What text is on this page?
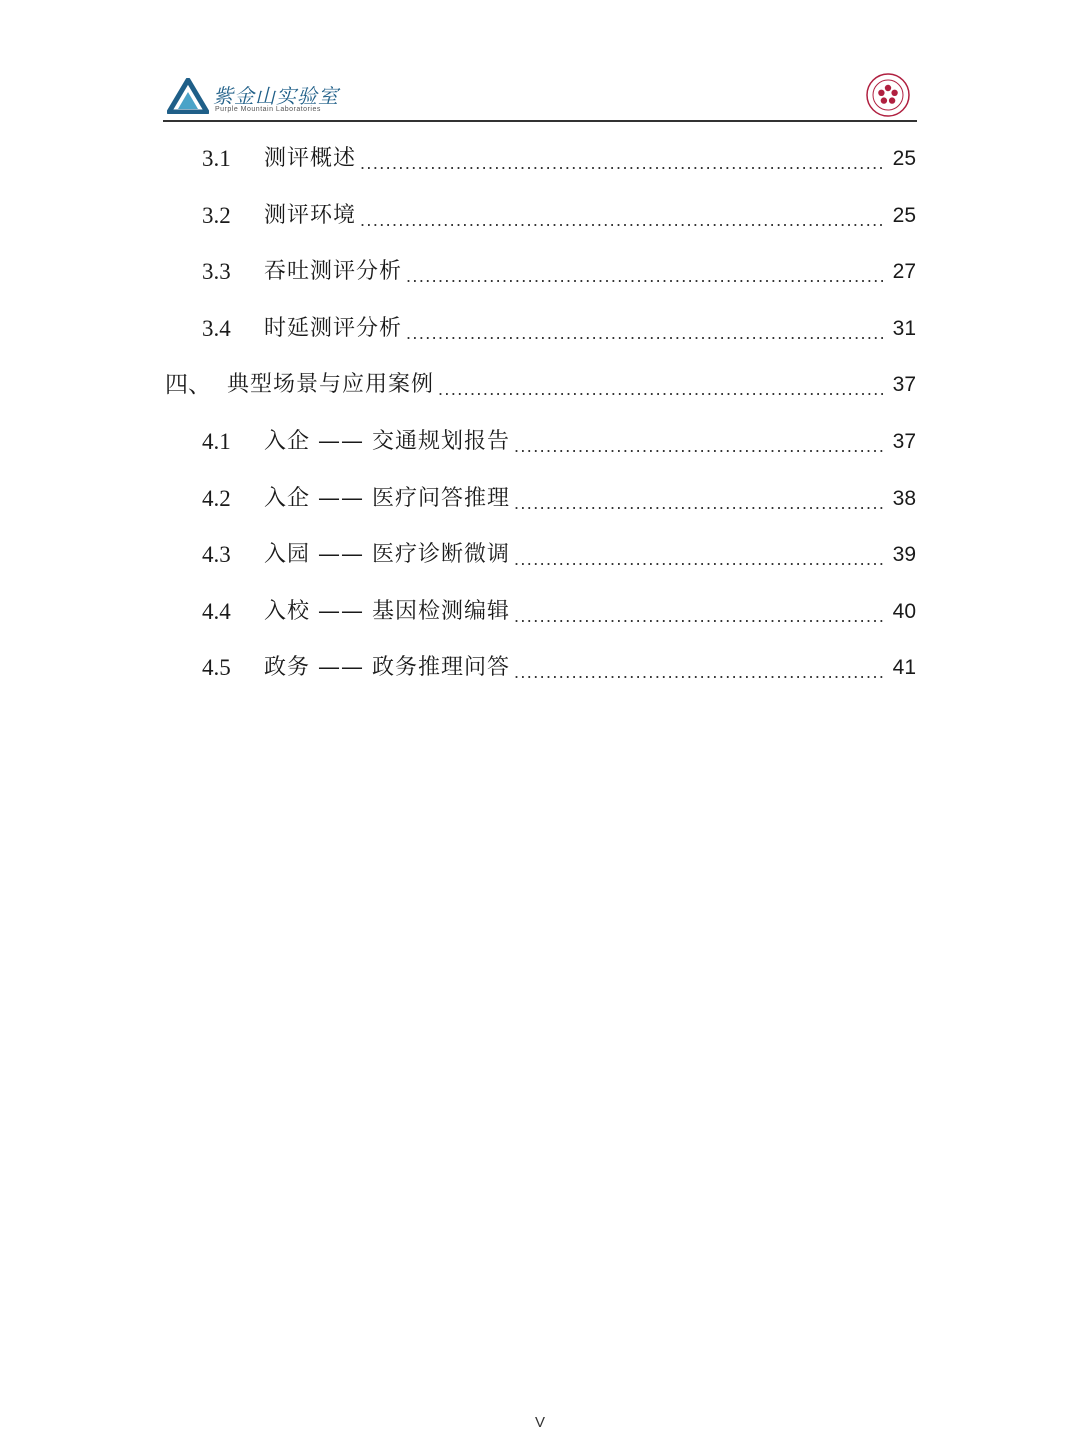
紫金山实验室
Purple Mountain Laboratories
3.1	测评概述 .....	25
3.2	测评环境 .....	25
3.3	吞吐测评分析 .....	27
3.4	时延测评分析 .....	31
四、 典型场景与应用案例 .....	37
4.1	入企 —— 交通规划报告 .....	37
4.2	入企 —— 医疗问答推理 .....	38
4.3	入园 —— 医疗诊断微调 .....	39
4.4	入校 —— 基因检测编辑 .....	40
4.5	政务 —— 政务推理问答 .....	41
V
